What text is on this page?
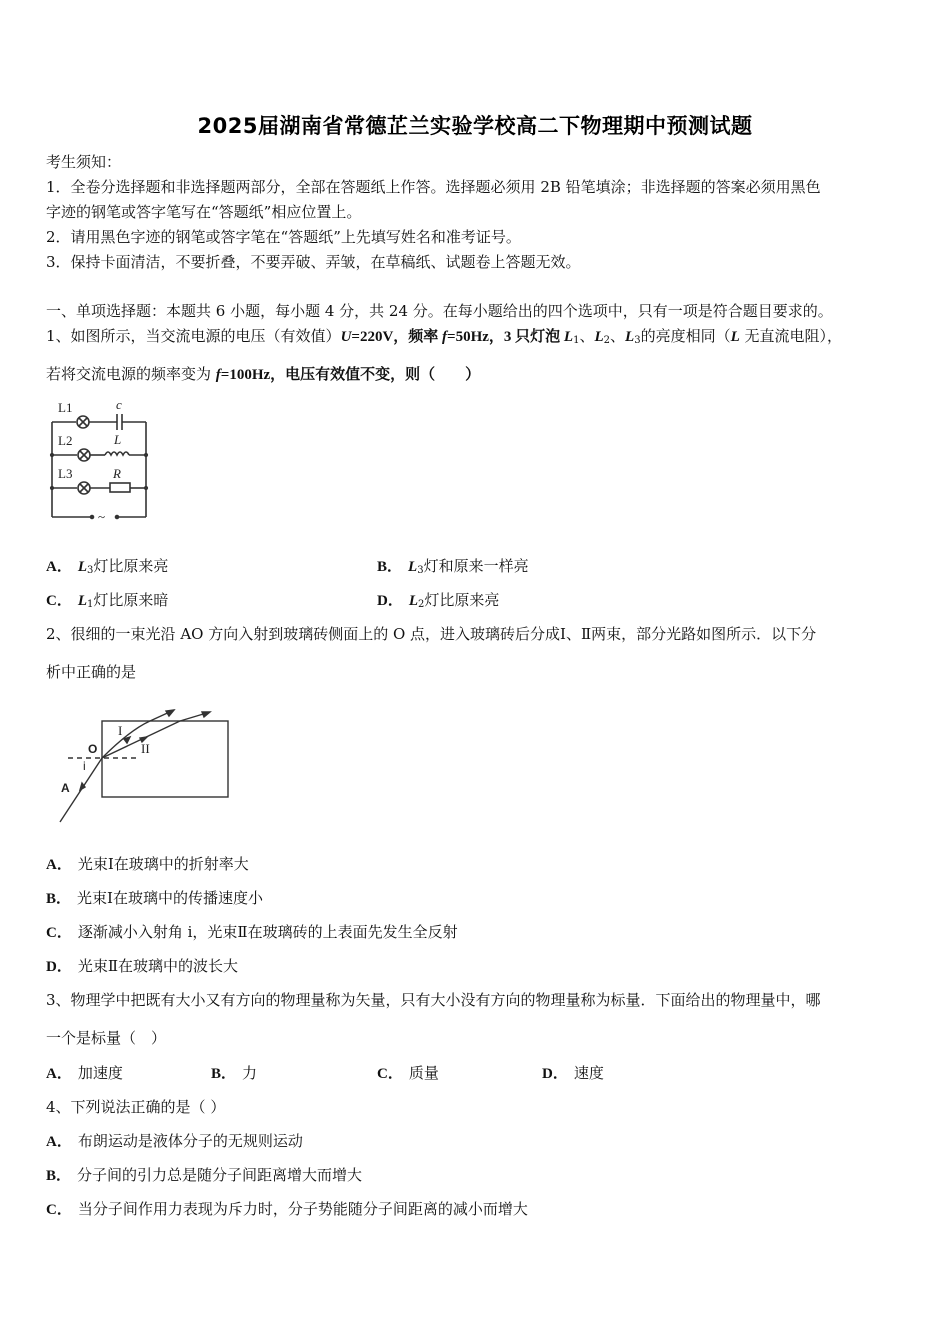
2025届湖南省常德芷兰实验学校高二下物理期中预测试题
考生须知：
1．全卷分选择题和非选择题两部分，全部在答题纸上作答。选择题必须用 2B 铅笔填涂；非选择题的答案必须用黑色
字迹的钢笔或答字笔写在“答题纸”相应位置上。
2．请用黑色字迹的钢笔或答字笔在“答题纸”上先填写姓名和准考证号。
3．保持卡面清洁，不要折叠，不要弄破、弄皱，在草稿纸、试题卷上答题无效。
一、单项选择题：本题共 6 小题，每小题 4 分，共 24 分。在每小题给出的四个选项中，只有一项是符合题目要求的。
1、如图所示，当交流电源的电压（有效值）U=220V，频率 f=50Hz，3 只灯泡 $L_1$、$L_2$、$L_3$的亮度相同（L 无直流电阻），
若将交流电源的频率变为 f=100Hz，电压有效值不变，则（　　）
L1
L2
L3
c
L
R
~
A． $L_3$灯比原来亮	B． $L_3$灯和原来一样亮
C． $L_1$灯比原来暗	D． $L_2$灯比原来亮
2、很细的一束光沿 AO 方向入射到玻璃砖侧面上的 O 点，进入玻璃砖后分成Ⅰ、Ⅱ两束，部分光路如图所示．以下分
析中正确的是
A
O
i
I
II
A． 光束Ⅰ在玻璃中的折射率大
B． 光束Ⅰ在玻璃中的传播速度小
C． 逐渐减小入射角 i，光束Ⅱ在玻璃砖的上表面先发生全反射
D． 光束Ⅱ在玻璃中的波长大
3、物理学中把既有大小又有方向的物理量称为矢量，只有大小没有方向的物理量称为标量．下面给出的物理量中，哪
一个是标量（　）
A． 加速度	B． 力	C． 质量	D． 速度
4、下列说法正确的是（ ）
A． 布朗运动是液体分子的无规则运动
B． 分子间的引力总是随分子间距离增大而增大
C． 当分子间作用力表现为斥力时，分子势能随分子间距离的减小而增大
